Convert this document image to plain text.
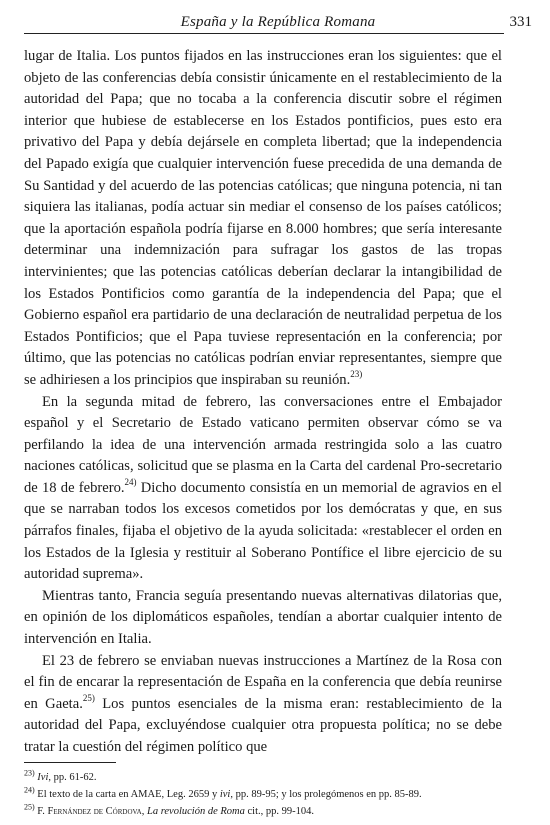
España y la República Romana	331

lugar de Italia. Los puntos fijados en las instrucciones eran los siguientes: que el objeto de las conferencias debía consistir únicamente en el restablecimiento de la autoridad del Papa; que no tocaba a la conferencia discutir sobre el régimen interior que hubiese de establecerse en los Estados pontificios, pues esto era privativo del Papa y debía dejársele en completa libertad; que la independencia del Papado exigía que cualquier intervención fuese precedida de una demanda de Su Santidad y del acuerdo de las potencias católicas; que ninguna potencia, ni tan siquiera las italianas, podía actuar sin mediar el consenso de los países católicos; que la aportación española podría fijarse en 8.000 hombres; que sería interesante determinar una indemnización para sufragar los gastos de las tropas intervinientes; que las potencias católicas deberían declarar la intangibilidad de los Estados Pontificios como garantía de la independencia del Papa; que el Gobierno español era partidario de una declaración de neutralidad perpetua de los Estados Pontificios; que el Papa tuviese representación en la conferencia; por último, que las potencias no católicas podrían enviar representantes, siempre que se adhiriesen a los principios que inspiraban su reunión.$^{23)}$

En la segunda mitad de febrero, las conversaciones entre el Embajador español y el Secretario de Estado vaticano permiten observar cómo se va perfilando la idea de una intervención armada restringida solo a las cuatro naciones católicas, solicitud que se plasma en la Carta del cardenal Pro-secretario de 18 de febrero.$^{24)}$ Dicho documento consistía en un memorial de agravios en el que se narraban todos los excesos cometidos por los demócratas y que, en sus párrafos finales, fijaba el objetivo de la ayuda solicitada: «restablecer el orden en los Estados de la Iglesia y restituir al Soberano Pontífice el libre ejercicio de su autoridad suprema».

Mientras tanto, Francia seguía presentando nuevas alternativas dilatorias que, en opinión de los diplomáticos españoles, tendían a abortar cualquier intento de intervención en Italia.

El 23 de febrero se enviaban nuevas instrucciones a Martínez de la Rosa con el fin de encarar la representación de España en la conferencia que debía reunirse en Gaeta.$^{25)}$ Los puntos esenciales de la misma eran: restablecimiento de la autoridad del Papa, excluyéndose cualquier otra propuesta política; no se debe tratar la cuestión del régimen político que

$^{23)}$ Ivi, pp. 61-62.

$^{24)}$ El texto de la carta en AMAE, Leg. 2659 y ivi, pp. 89-95; y los prolegómenos en pp. 85-89.

$^{25)}$ F. Fernández de Córdova, La revolución de Roma cit., pp. 99-104.
